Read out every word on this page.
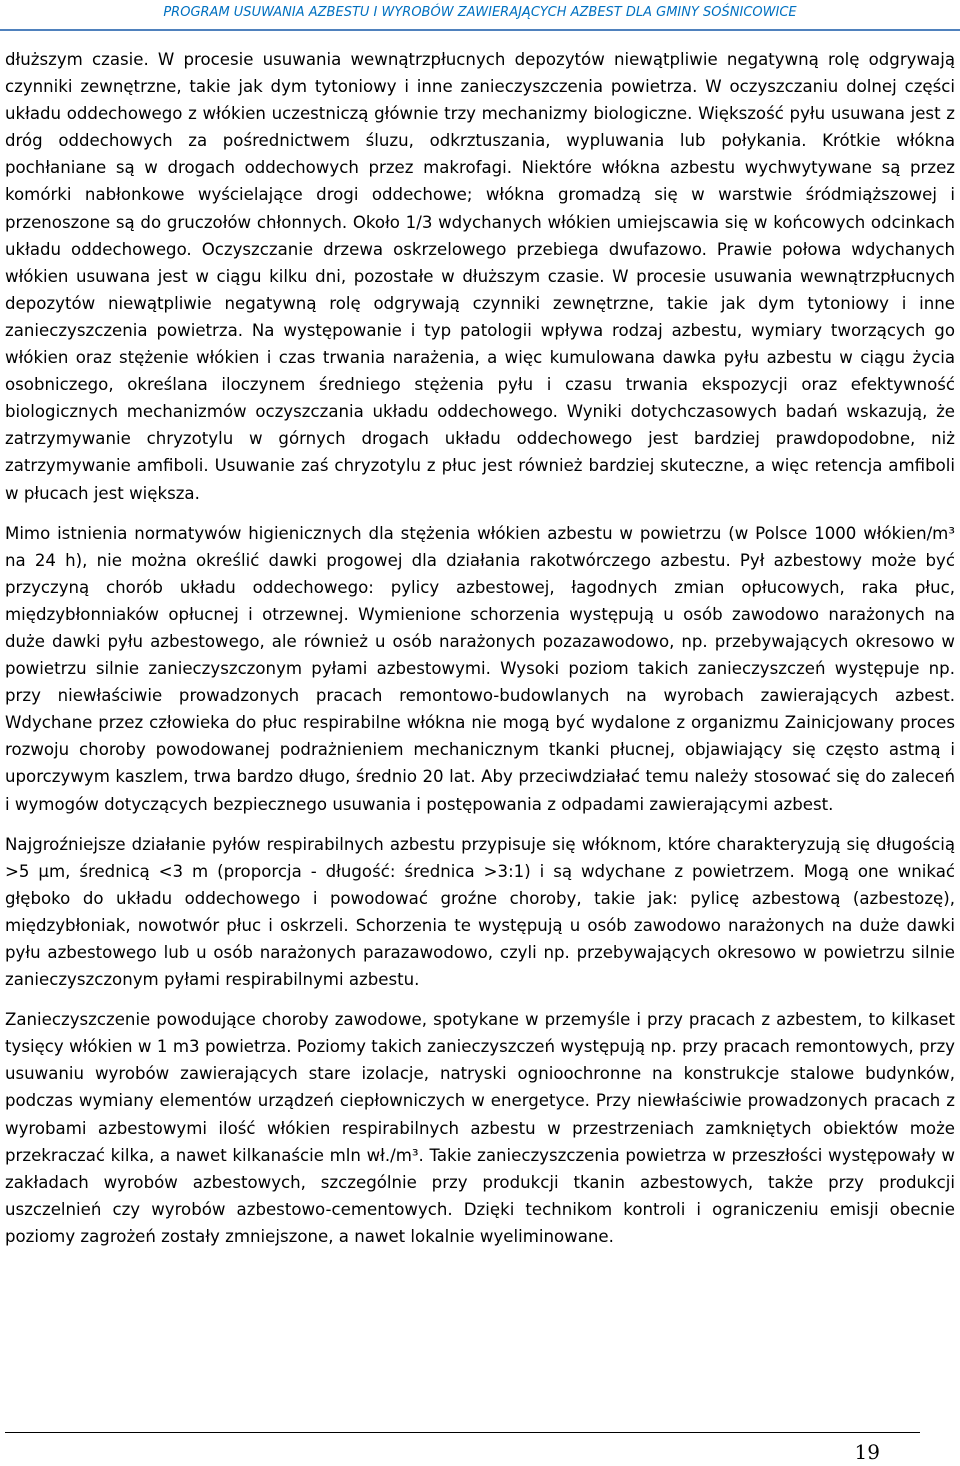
PROGRAM USUWANIA AZBESTU I WYROBÓW ZAWIERAJĄCYCH AZBEST DLA GMINY SOŚNICOWICE

dłuższym czasie. W procesie usuwania wewnątrzpłucnych depozytów niewątpliwie negatywną rolę odgrywają czynniki zewnętrzne, takie jak dym tytoniowy i inne zanieczyszczenia powietrza. W oczyszczaniu dolnej części układu oddechowego z włókien uczestniczą głównie trzy mechanizmy biologiczne. Większość pyłu usuwana jest z dróg oddechowych za pośrednictwem śluzu, odkrztuszania, wypluwania lub połykania. Krótkie włókna pochłaniane są w drogach oddechowych przez makrofagi. Niektóre włókna azbestu wychwytywane są przez komórki nabłonkowe wyścielające drogi oddechowe; włókna gromadzą się w warstwie śródmiąższowej i przenoszone są do gruczołów chłonnych. Około 1/3 wdychanych włókien umiejscawia się w końcowych odcinkach układu oddechowego. Oczyszczanie drzewa oskrzelowego przebiega dwufazowo. Prawie połowa wdychanych włókien usuwana jest w ciągu kilku dni, pozostałe w dłuższym czasie. W procesie usuwania wewnątrzpłucnych depozytów niewątpliwie negatywną rolę odgrywają czynniki zewnętrzne, takie jak dym tytoniowy i inne zanieczyszczenia powietrza. Na występowanie i typ patologii wpływa rodzaj azbestu, wymiary tworzących go włókien oraz stężenie włókien i czas trwania narażenia, a więc kumulowana dawka pyłu azbestu w ciągu życia osobniczego, określana iloczynem średniego stężenia pyłu i czasu trwania ekspozycji oraz efektywność biologicznych mechanizmów oczyszczania układu oddechowego. Wyniki dotychczasowych badań wskazują, że zatrzymywanie chryzotylu w górnych drogach układu oddechowego jest bardziej prawdopodobne, niż zatrzymywanie amfiboli. Usuwanie zaś chryzotylu z płuc jest również bardziej skuteczne, a więc retencja amfiboli w płucach jest większa.

Mimo istnienia normatywów higienicznych dla stężenia włókien azbestu w powietrzu (w Polsce 1000 włókien/m³ na 24 h), nie można określić dawki progowej dla działania rakotwórczego azbestu. Pył azbestowy może być przyczyną chorób układu oddechowego: pylicy azbestowej, łagodnych zmian opłucowych, raka płuc, międzybłonniaków opłucnej i otrzewnej. Wymienione schorzenia występują u osób zawodowo narażonych na duże dawki pyłu azbestowego, ale również u osób narażonych pozazawodowo, np. przebywających okresowo w powietrzu silnie zanieczyszczonym pyłami azbestowymi. Wysoki poziom takich zanieczyszczeń występuje np. przy niewłaściwie prowadzonych pracach remontowo-budowlanych na wyrobach zawierających azbest. Wdychane przez człowieka do płuc respirabilne włókna nie mogą być wydalone z organizmu Zainicjowany proces rozwoju choroby powodowanej podrażnieniem mechanicznym tkanki płucnej, objawiający się często astmą i uporczywym kaszlem, trwa bardzo długo, średnio 20 lat. Aby przeciwdziałać temu należy stosować się do zaleceń i wymogów dotyczących bezpiecznego usuwania i postępowania z odpadami zawierającymi azbest.

Najgroźniejsze działanie pyłów respirabilnych azbestu przypisuje się włóknom, które charakteryzują się długością >5 µm, średnicą <3 m (proporcja - długość: średnica >3:1) i są wdychane z powietrzem. Mogą one wnikać głęboko do układu oddechowego i powodować groźne choroby, takie jak: pylicę azbestową (azbestozę), międzybłoniak, nowotwór płuc i oskrzeli. Schorzenia te występują u osób zawodowo narażonych na duże dawki pyłu azbestowego lub u osób narażonych parazawodowo, czyli np. przebywających okresowo w powietrzu silnie zanieczyszczonym pyłami respirabilnymi azbestu.

Zanieczyszczenie powodujące choroby zawodowe, spotykane w przemyśle i przy pracach z azbestem, to kilkaset tysięcy włókien w 1 m3 powietrza. Poziomy takich zanieczyszczeń występują np. przy pracach remontowych, przy usuwaniu wyrobów zawierających stare izolacje, natryski ognioochronne na konstrukcje stalowe budynków, podczas wymiany elementów urządzeń ciepłowniczych w energetyce. Przy niewłaściwie prowadzonych pracach z wyrobami azbestowymi ilość włókien respirabilnych azbestu w przestrzeniach zamkniętych obiektów może przekraczać kilka, a nawet kilkanaście mln wł./m³. Takie zanieczyszczenia powietrza w przeszłości występowały w zakładach wyrobów azbestowych, szczególnie przy produkcji tkanin azbestowych, także przy produkcji uszczelnień czy wyrobów azbestowo-cementowych. Dzięki technikom kontroli i ograniczeniu emisji obecnie poziomy zagrożeń zostały zmniejszone, a nawet lokalnie wyeliminowane.

19
